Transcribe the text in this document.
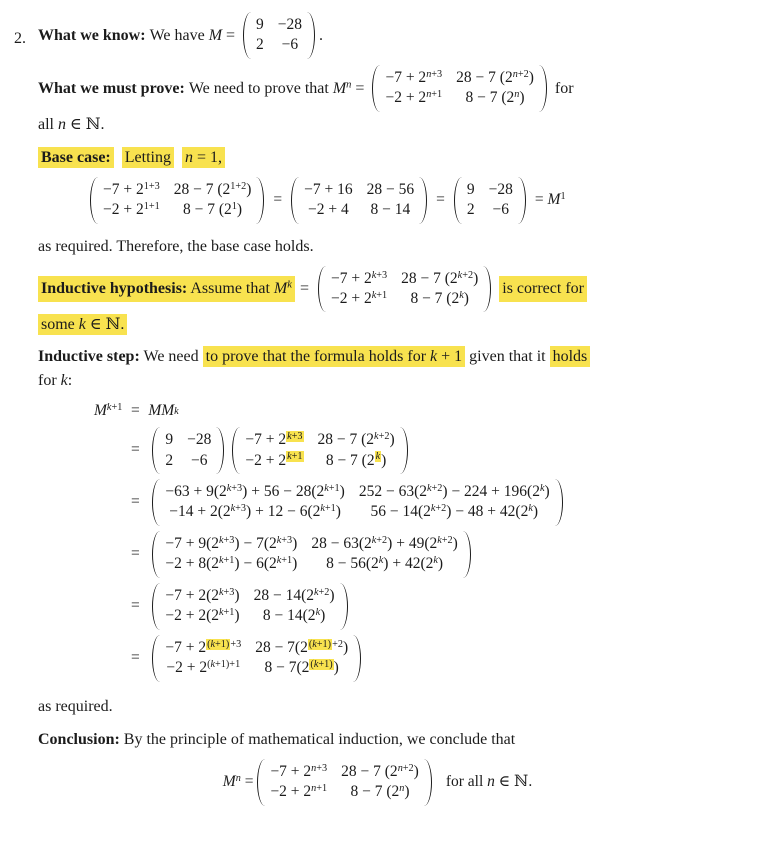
2. What we know: We have M =
9 −28
2 −6
.
What we must prove: We need to prove that $M^n$ =
$-7 + 2^{n+3}$ 28 − 7 $(2^{n+2})$
$-2 + 2^{n+1}$ 8 − 7 (2$^n$)
for
all n ∈ ℕ.
Base case: Letting n = 1,
$-7 + 2^{1+3}$ 28 − 7 $(2^{1+2})$
$-2 + 2^{1+1}$ 8 − 7 $(2^1)$
=
−7 + 16 28 − 56
−2 + 4 8 − 14
=
9 −28
2 −6
= $M^1$
as required. Therefore, the base case holds.
Inductive hypothesis: Assume that $M^k$ =
$-7 + 2^{k+3}$ 28 − 7 $(2^{k+2})$
$-2 + 2^{k+1}$ 8 − 7 (2$^k$)
is correct for
some k ∈ ℕ.
Inductive step: We need to prove that the formula holds for k + 1 given that it holds
for k:
$M^{k+1}$ = MM k
=
9 −28
2 −6
$-7 + 2^{k+3}$ 28 − 7 $(2^{k+2})$
$-2 + 2^{k+1}$ 8 − 7 $(2^k)$
=
$-63 + 9(2^{k+3}) + 56 - 28(2^{k+1}) 252 - 63(2^{k+2}) - 224 + 196(2^k)$
$-14 + 2(2^{k+3}) + 12 - 6(2^{k+1}) 56 - 14(2^{k+2}) - 48 + 42(2^k)$
=
$-7 + 9(2^{k+3}) - 7(2^{k+3}) 28 - 63(2^{k+2}) + 49(2^{k+2})$
$-2 + 8(2^{k+1}) - 6(2^{k+1}) 8 - 56(2^k) + 42(2^k)$
=
$-7 + 2(2^{k+3}) 28 - 14(2^{k+2})$
$-2 + 2(2^{k+1}) 8 - 14(2^k)$
=
$-7 + 2^{(k+1)+3}$ $28 - 7(2^{(k+1)+2})$
$-2 + 2^{(k+1)+1}$ $8 - 7(2^{(k+1)})$
as required.
Conclusion: By the principle of mathematical induction, we conclude that
$M^n$ =
$-7 + 2^{n+3}$ 28 − 7 $(2^{n+2})$
$-2 + 2^{n+1}$ 8 − 7 (2$^n$)
for all n ∈ ℕ.
